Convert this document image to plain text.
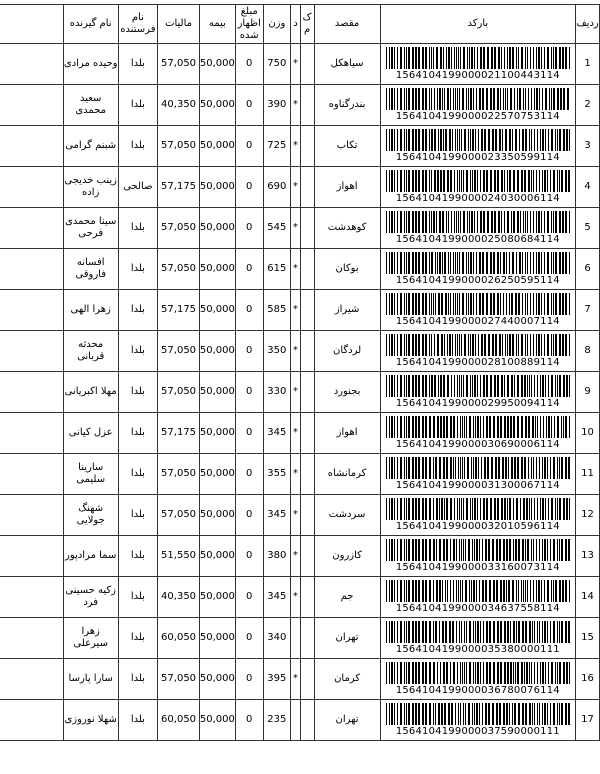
ردیف	بارکد	مقصد	ک م	د	وزن	مبلغ اظهار شده	بیمه	مالیات	نام فرستنده	نام گیرنده	
1	1564104199000021100443114	سیاهکل		*	750	0	50,000	57,050	بلدا	وحیده مرادی	
2	1564104199000022570753114	بندرگناوه		*	390	0	50,000	40,350	بلدا	سعید محمدی	
3	1564104199000023350599114	تکاب		*	725	0	50,000	57,050	بلدا	شبنم گرامی	
4	1564104199000024030006114	اهواز		*	690	0	50,000	57,175	صالحی	زینب خدیجی زاده	
5	1564104199000025080684114	کوهدشت		*	545	0	50,000	57,050	بلدا	سینا محمدی فرحی	
6	1564104199000026250595114	بوکان		*	615	0	50,000	57,050	بلدا	افسانه فاروقی	
7	1564104199000027440007114	شیراز		*	585	0	50,000	57,175	بلدا	زهرا الهی	
8	1564104199000028100889114	لردگان		*	350	0	50,000	57,050	بلدا	محدثه قربانی	
9	1564104199000029950094114	بجنورد		*	330	0	50,000	57,050	بلدا	مهلا اکبریانی	
10	1564104199000030690006114	اهواز		*	345	0	50,000	57,175	بلدا	عزل کیانی	
11	1564104199000031300067114	کرمانشاه		*	355	0	50,000	57,050	بلدا	سارینا سلیمی	
12	1564104199000032010596114	سردشت		*	345	0	50,000	57,050	بلدا	شهنگ جولایی	
13	1564104199000033160073114	کازرون		*	380	0	50,000	51,550	بلدا	سما مرادپور	
14	1564104199000034637558114	جم		*	345	0	50,000	40,350	بلدا	زکیه حسینی فرد	
15	1564104199000035380000111	تهران			340	0	50,000	60,050	بلدا	زهرا سیرعلی	
16	1564104199000036780076114	کرمان		*	395	0	50,000	57,050	بلدا	سارا پارسا	
17	1564104199000037590000111	تهران			235	0	50,000	60,050	بلدا	شهلا نوروزی	
